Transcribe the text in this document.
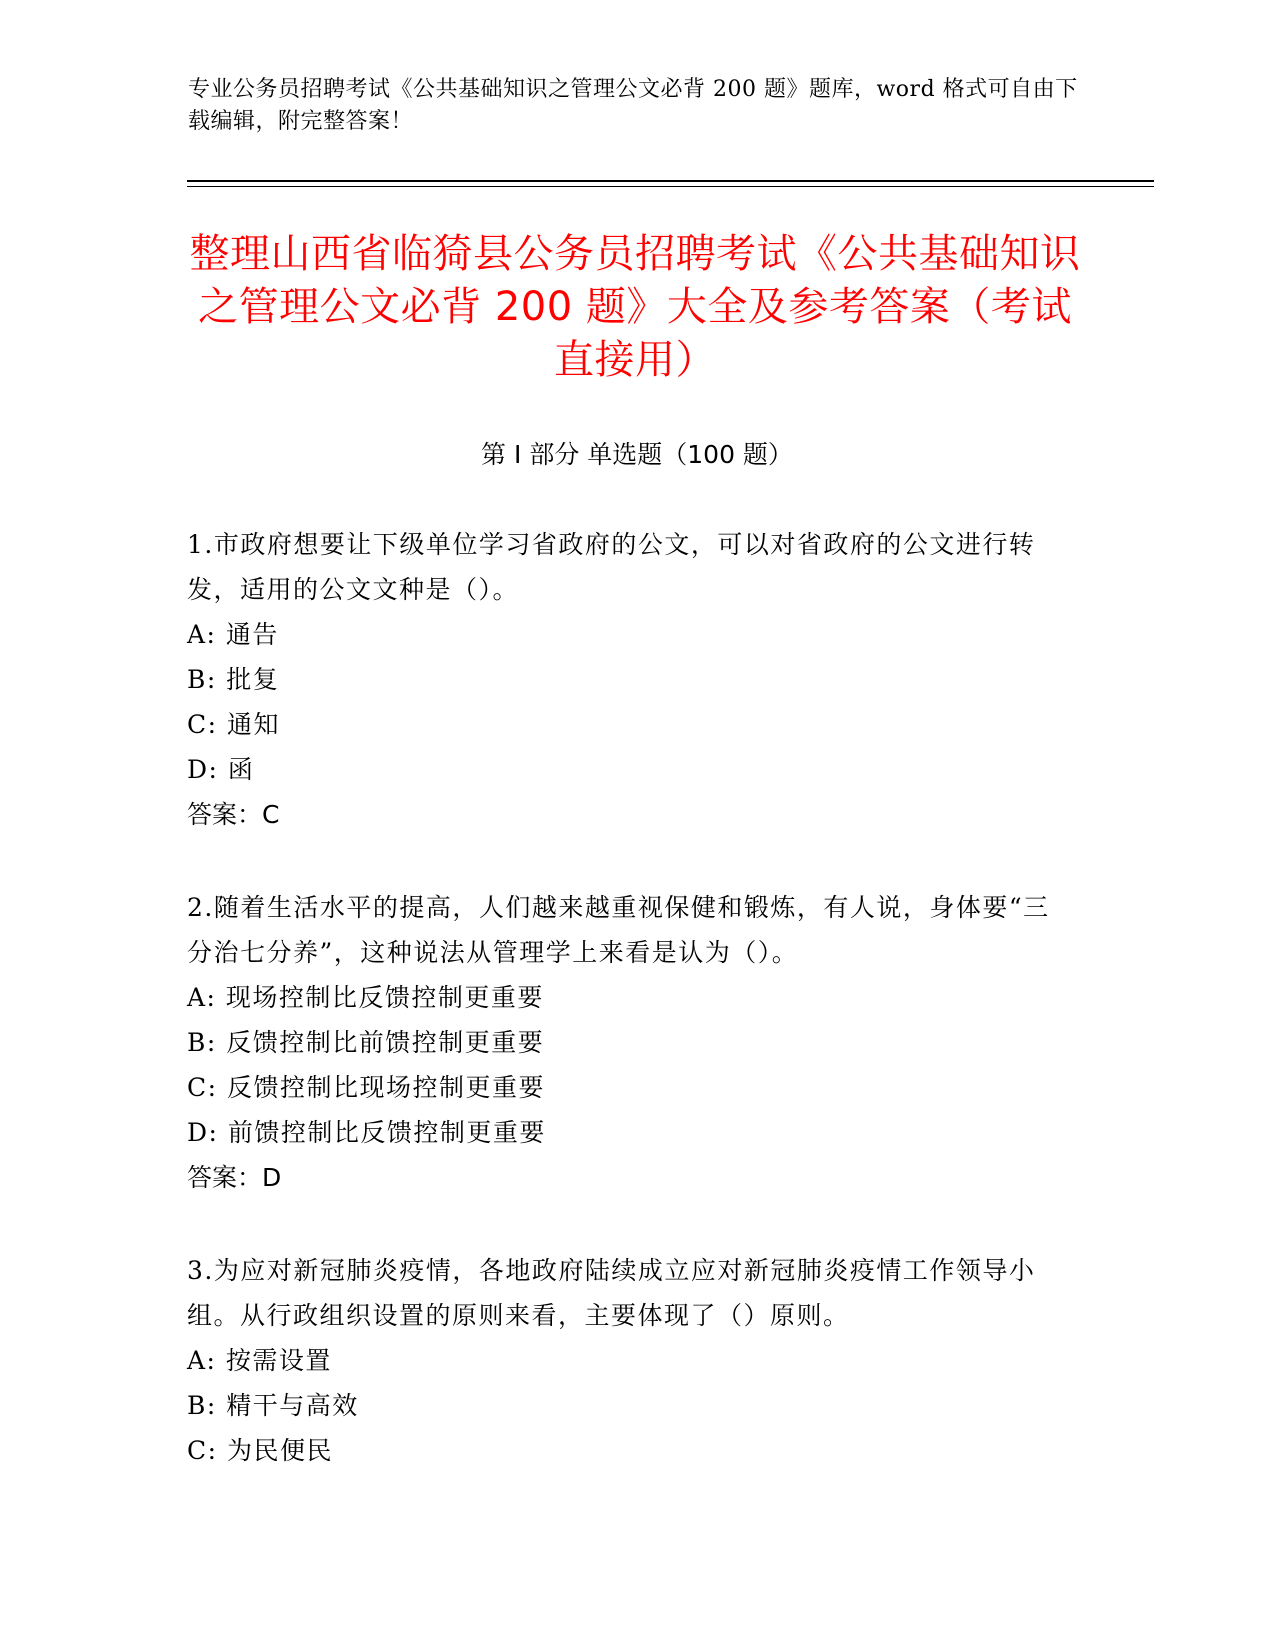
专业公务员招聘考试《公共基础知识之管理公文必背 200 题》题库，word 格式可自由下载编辑，附完整答案！
整理山西省临猗县公务员招聘考试《公共基础知识之管理公文必背 200 题》大全及参考答案（考试直接用）
第 I 部分 单选题（100 题）
1.市政府想要让下级单位学习省政府的公文，可以对省政府的公文进行转发，适用的公文文种是（）。
A: 通告
B: 批复
C: 通知
D: 函
答案：C
2.随着生活水平的提高，人们越来越重视保健和锻炼，有人说，身体要“三分治七分养”，这种说法从管理学上来看是认为（）。
A: 现场控制比反馈控制更重要
B: 反馈控制比前馈控制更重要
C: 反馈控制比现场控制更重要
D: 前馈控制比反馈控制更重要
答案：D
3.为应对新冠肺炎疫情，各地政府陆续成立应对新冠肺炎疫情工作领导小组。从行政组织设置的原则来看，主要体现了（）原则。
A: 按需设置
B: 精干与高效
C: 为民便民
